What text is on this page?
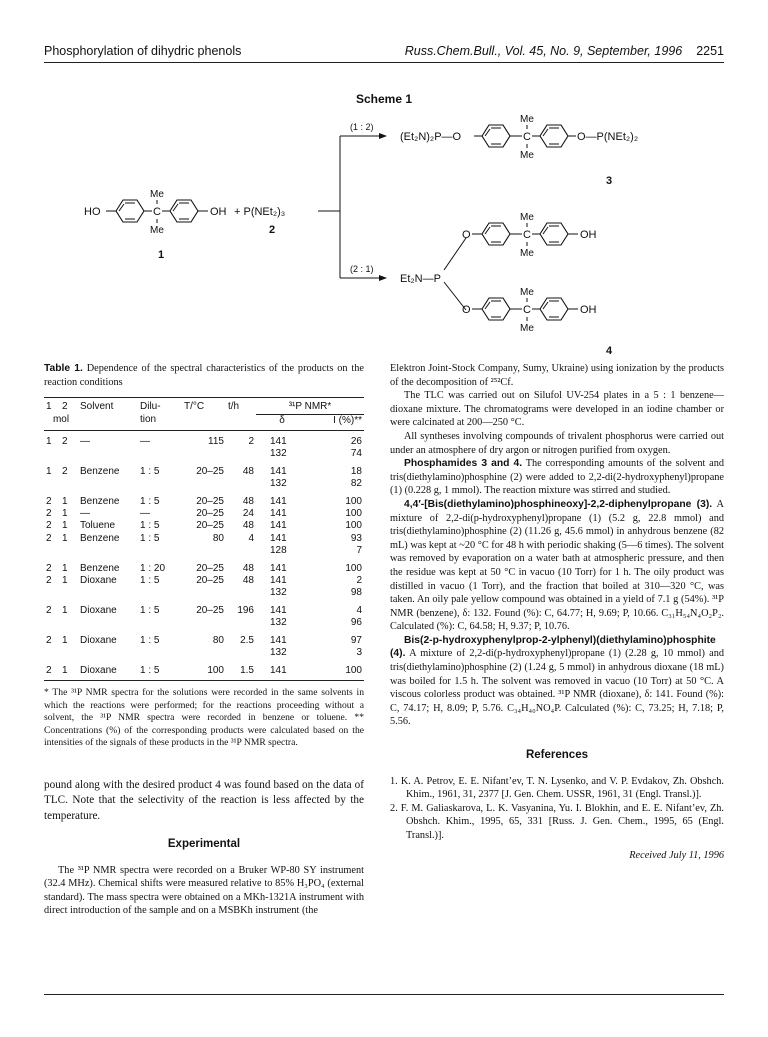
Phosphorylation of dihydric phenols	Russ.Chem.Bull., Vol. 45, No. 9, September, 1996 2251
Scheme 1
HO	C
Me
Me
OH
1
+ P(NEt₂)₃
2
(1 : 2)
(2 : 1)
(Et₂N)₂P—O	C
Me
Me
O—P(NEt₂)₂
3
Et₂N—P
O	C
Me
Me
OH
O	C
Me
Me
OH
4

Table 1. Dependence of the spectral characteristics of the products on the reaction conditions

1	2	Solvent	Dilu-	T/°C	t/h	³¹P NMR*	
mol			tion			δ	I (%)**
1	2	—	—	115	2	141	26
						132	74
1	2	Benzene	1 : 5	20–25	48	141	18
						132	82
2	1	Benzene	1 : 5	20–25	48	141	100
2	1	—	—	20–25	24	141	100
2	1	Toluene	1 : 5	20–25	48	141	100
2	1	Benzene	1 : 5	80	4	141	93
						128	7
2	1	Benzene	1 : 20	20–25	48	141	100
2	1	Dioxane	1 : 5	20–25	48	141	2
						132	98
2	1	Dioxane	1 : 5	20–25	196	141	4
						132	96
2	1	Dioxane	1 : 5	80	2.5	141	97
						132	3
2	1	Dioxane	1 : 5	100	1.5	141	100

* The ³¹P NMR spectra for the solutions were recorded in the same solvents in which the reactions were performed; for the reactions proceeding without a solvent, the ³¹P NMR spectra were recorded in benzene or toluene. ** Concentrations (%) of the corresponding products were calculated based on the intensities of the signals of these products in the ³¹P NMR spectra.

pound along with the desired product 4 was found based on the data of TLC. Note that the selectivity of the reaction is less affected by the temperature.

Experimental

The ³¹P NMR spectra were recorded on a Bruker WP-80 SY instrument (32.4 MHz). Chemical shifts were measured relative to 85% H₃PO₄ (external standard). The mass spectra were obtained on a MKh-1321A instrument with direct introduction of the sample and on a MSBKh instrument (the

Elektron Joint-Stock Company, Sumy, Ukraine) using ionization by the products of the decomposition of ²⁵²Cf.

The TLC was carried out on Silufol UV-254 plates in a 5 : 1 benzene—dioxane mixture. The chromatograms were developed in an iodine chamber or were calcinated at 200—250 °C.

All syntheses involving compounds of trivalent phosphorus were carried out under an atmosphere of dry argon or nitrogen purified from oxygen.

Phosphamides 3 and 4. The corresponding amounts of the solvent and tris(diethylamino)phosphine (2) were added to 2,2-di(2-hydroxyphenyl)propane (1) (0.228 g, 1 mmol). The reaction mixture was stirred and studied.

4,4′-[Bis(diethylamino)phosphineoxy]-2,2-diphenylpropane (3). A mixture of 2,2-di(p-hydroxyphenyl)propane (1) (5.2 g, 22.8 mmol) and tris(diethylamino)phosphine (2) (11.26 g, 45.6 mmol) in anhydrous benzene (82 mL) was kept at ~20 °C for 48 h with periodic shaking (5—6 times). The solvent was removed by evaporation on a water bath at atmospheric pressure, and then the residue was kept at 50 °C in vacuo (10 Torr) for 1 h. The oily product was distilled in vacuo (1 Torr), and the fraction that boiled at 310—320 °C, was taken. An oily pale yellow compound was obtained in a yield of 7.1 g (54%). ³¹P NMR (benzene), δ: 132. Found (%): C, 64.77; H, 9.69; P, 10.66. C₃₁H₅₄N₄O₂P₂. Calculated (%): C, 64.58; H, 9.37; P, 10.76.

Bis(2-p-hydroxyphenylprop-2-ylphenyl)(diethylamino)phosphite (4). A mixture of 2,2-di(p-hydroxyphenyl)propane (1) (2.28 g, 10 mmol) and tris(diethylamino)phosphine (2) (1.24 g, 5 mmol) in anhydrous dioxane (18 mL) was boiled for 1.5 h. The solvent was removed in vacuo (10 Torr) at 50 °C. A viscous colorless product was obtained. ³¹P NMR (dioxane), δ: 141. Found (%): C, 74.17; H, 8.09; P, 5.76. C₃₄H₄₀NO₄P. Calculated (%): C, 73.25; H, 7.18; P, 5.56.

References

1. K. A. Petrov, E. E. Nifant’ev, T. N. Lysenko, and V. P. Evdakov, Zh. Obshch. Khim., 1961, 31, 2377 [J. Gen. Chem. USSR, 1961, 31 (Engl. Transl.)].

2. F. M. Galiaskarova, L. K. Vasyanina, Yu. I. Blokhin, and E. E. Nifant’ev, Zh. Obshch. Khim., 1995, 65, 331 [Russ. J. Gen. Chem., 1995, 65 (Engl. Transl.)].

Received July 11, 1996
